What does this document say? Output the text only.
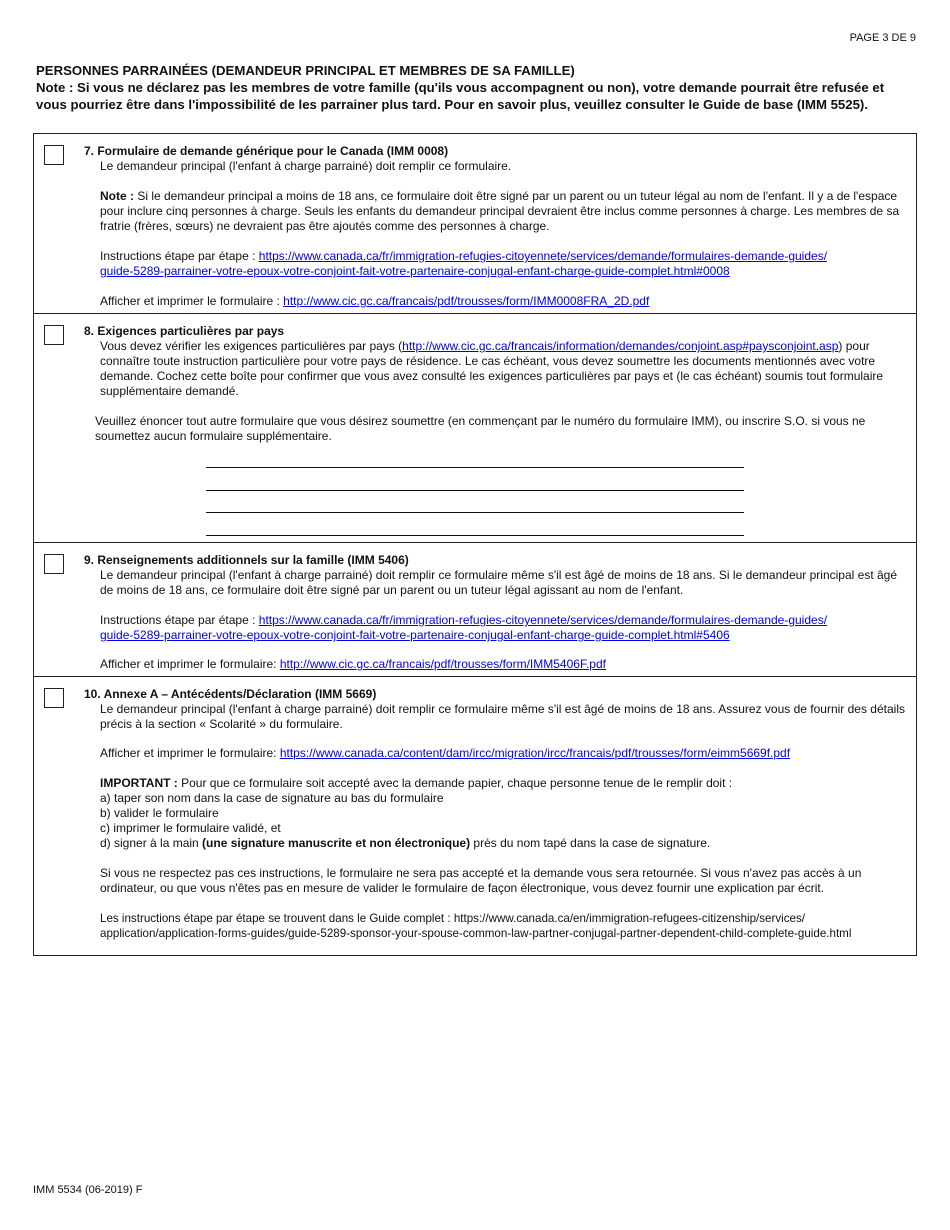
PAGE 3 DE 9
PERSONNES PARRAINÉES (DEMANDEUR PRINCIPAL ET MEMBRES DE SA FAMILLE)
Note : Si vous ne déclarez pas les membres de votre famille (qu'ils vous accompagnent ou non), votre demande pourrait être refusée et vous pourriez être dans l'impossibilité de les parrainer plus tard. Pour en savoir plus, veuillez consulter le Guide de base (IMM 5525).
7. Formulaire de demande générique pour le Canada (IMM 0008)
Le demandeur principal (l'enfant à charge parrainé) doit remplir ce formulaire.
Note : Si le demandeur principal a moins de 18 ans, ce formulaire doit être signé par un parent ou un tuteur légal au nom de l'enfant. Il y a de l'espace pour inclure cinq personnes à charge. Seuls les enfants du demandeur principal devraient être inclus comme personnes à charge. Les membres de sa fratrie (frères, sœurs) ne devraient pas être ajoutés comme des personnes à charge.
Instructions étape par étape : https://www.canada.ca/fr/immigration-refugies-citoyennete/services/demande/formulaires-demande-guides/
guide-5289-parrainer-votre-epoux-votre-conjoint-fait-votre-partenaire-conjugal-enfant-charge-guide-complet.html#0008
Afficher et imprimer le formulaire : http://www.cic.gc.ca/francais/pdf/trousses/form/IMM0008FRA_2D.pdf
8. Exigences particulières par pays
Vous devez vérifier les exigences particulières par pays (http://www.cic.gc.ca/francais/information/demandes/conjoint.asp#paysconjoint.asp) pour connaître toute instruction particulière pour votre pays de résidence. Le cas échéant, vous devez soumettre les documents mentionnés avec votre demande. Cochez cette boîte pour confirmer que vous avez consulté les exigences particulières par pays et (le cas échéant) soumis tout formulaire supplémentaire demandé.
Veuillez énoncer tout autre formulaire que vous désirez soumettre (en commençant par le numéro du formulaire IMM), ou inscrire S.O. si vous ne soumettez aucun formulaire supplémentaire.
9. Renseignements additionnels sur la famille (IMM 5406)
Le demandeur principal (l'enfant à charge parrainé) doit remplir ce formulaire même s'il est âgé de moins de 18 ans. Si le demandeur principal est âgé de moins de 18 ans, ce formulaire doit être signé par un parent ou un tuteur légal agissant au nom de l'enfant.
Instructions étape par étape : https://www.canada.ca/fr/immigration-refugies-citoyennete/services/demande/formulaires-demande-guides/
guide-5289-parrainer-votre-epoux-votre-conjoint-fait-votre-partenaire-conjugal-enfant-charge-guide-complet.html#5406
Afficher et imprimer le formulaire: http://www.cic.gc.ca/francais/pdf/trousses/form/IMM5406F.pdf
10. Annexe A – Antécédents/Déclaration (IMM 5669)
Le demandeur principal (l'enfant à charge parrainé) doit remplir ce formulaire même s'il est âgé de moins de 18 ans. Assurez vous de fournir des détails précis à la section « Scolarité » du formulaire.
Afficher et imprimer le formulaire: https://www.canada.ca/content/dam/ircc/migration/ircc/francais/pdf/trousses/form/eimm5669f.pdf
IMPORTANT : Pour que ce formulaire soit accepté avec la demande papier, chaque personne tenue de le remplir doit :
a) taper son nom dans la case de signature au bas du formulaire
b) valider le formulaire
c) imprimer le formulaire validé, et
d) signer à la main (une signature manuscrite et non électronique) près du nom tapé dans la case de signature.
Si vous ne respectez pas ces instructions, le formulaire ne sera pas accepté et la demande vous sera retournée. Si vous n'avez pas accès à un ordinateur, ou que vous n'êtes pas en mesure de valider le formulaire de façon électronique, vous devez fournir une explication par écrit.
Les instructions étape par étape se trouvent dans le Guide complet : https://www.canada.ca/en/immigration-refugees-citizenship/services/
application/application-forms-guides/guide-5289-sponsor-your-spouse-common-law-partner-conjugal-partner-dependent-child-complete-guide.html
IMM 5534 (06-2019) F
